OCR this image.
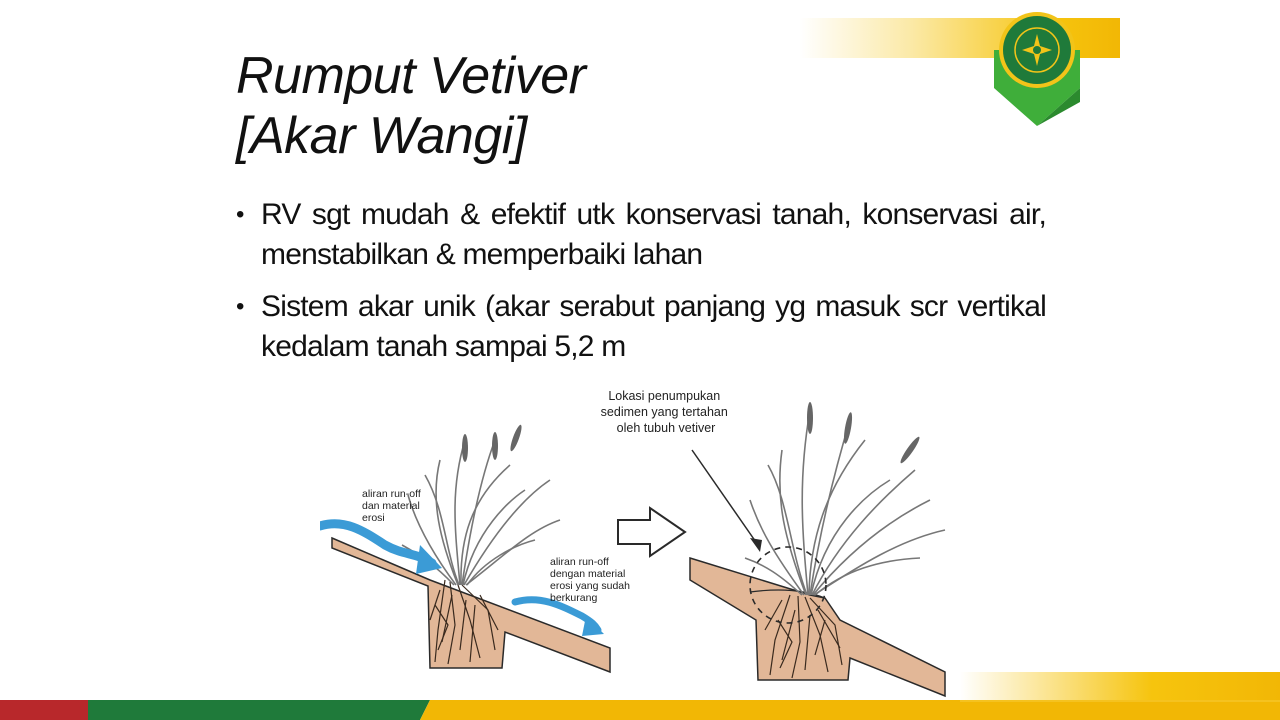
Rumput Vetiver
[Akar Wangi]
• RV sgt mudah & efektif utk konservasi tanah, konservasi air, menstabilkan & memperbaiki lahan
• Sistem akar unik (akar serabut panjang yg masuk scr vertikal kedalam tanah sampai 5,2 m
aliran run-off dan material erosi
aliran run-off dengan material erosi yang sudah berkurang
Lokasi penumpukan sedimen yang tertahan oleh tubuh vetiver
